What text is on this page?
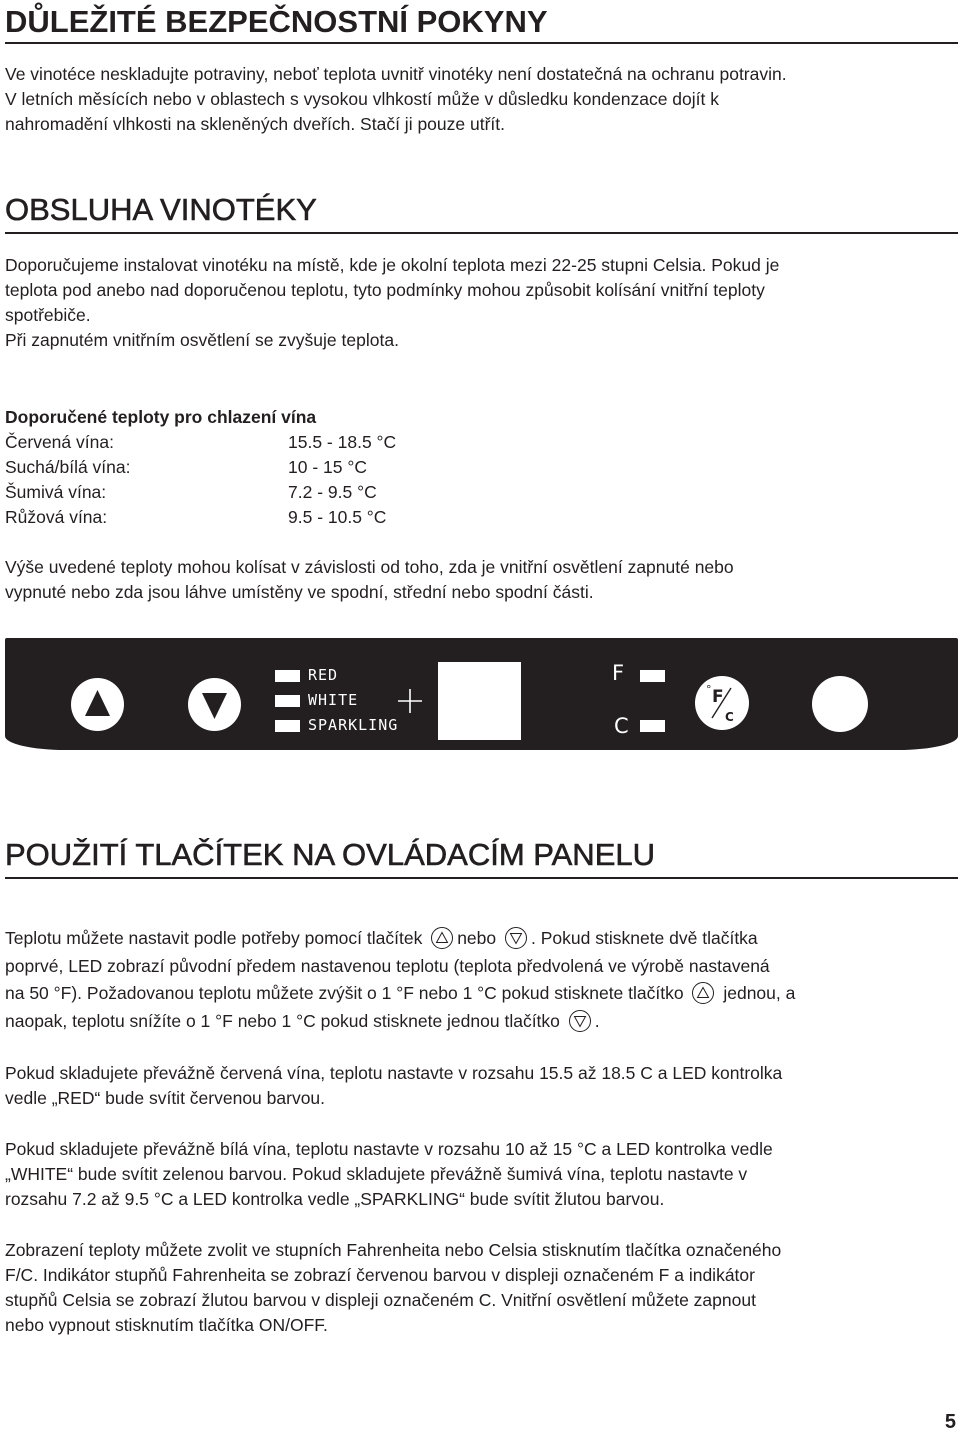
DŮLEŽITÉ BEZPEČNOSTNÍ POKYNY
Ve vinotéce neskladujte potraviny, neboť teplota uvnitř vinotéky není dostatečná na ochranu potravin.
V letních měsících nebo v oblastech s vysokou vlhkostí může v důsledku kondenzace dojít k
nahromadění vlhkosti na skleněných dveřích. Stačí ji pouze utřít.
OBSLUHA VINOTÉKY
Doporučujeme instalovat vinotéku na místě, kde je okolní teplota mezi 22-25 stupni Celsia. Pokud je
teplota pod anebo nad doporučenou teplotu, tyto podmínky mohou způsobit kolísání vnitřní teploty
spotřebiče.
Při zapnutém vnitřním osvětlení se zvyšuje teplota.
Doporučené teploty pro chlazení vína
Červená vína:	15.5 - 18.5 °C
Suchá/bílá vína:	10 - 15 °C
Šumivá vína:	7.2 - 9.5 °C
Růžová vína:	9.5 - 10.5 °C
Výše uvedené teploty mohou kolísat v závislosti od toho, zda je vnitřní osvětlení zapnuté nebo
vypnuté nebo zda jsou láhve umístěny ve spodní, střední nebo spodní části.
RED
WHITE
SPARKLING
F
C
° F
C
POUŽITÍ TLAČÍTEK NA OVLÁDACÍM PANELU
Teplotu můžete nastavit podle potřeby pomocí tlačítek nebo . Pokud stisknete dvě tlačítka
poprvé, LED zobrazí původní předem nastavenou teplotu (teplota předvolená ve výrobě nastavená
na 50 °F). Požadovanou teplotu můžete zvýšit o 1 °F nebo 1 °C pokud stisknete tlačítko jednou, a
naopak, teplotu snížíte o 1 °F nebo 1 °C pokud stisknete jednou tlačítko .
Pokud skladujete převážně červená vína, teplotu nastavte v rozsahu 15.5 až 18.5 C a LED kontrolka
vedle „RED“ bude svítit červenou barvou.
Pokud skladujete převážně bílá vína, teplotu nastavte v rozsahu 10 až 15 °C a LED kontrolka vedle
„WHITE“ bude svítit zelenou barvou. Pokud skladujete převážně šumivá vína, teplotu nastavte v
rozsahu 7.2 až 9.5 °C a LED kontrolka vedle „SPARKLING“ bude svítit žlutou barvou.
Zobrazení teploty můžete zvolit ve stupních Fahrenheita nebo Celsia stisknutím tlačítka označeného
F/C. Indikátor stupňů Fahrenheita se zobrazí červenou barvou v displeji označeném F a indikátor
stupňů Celsia se zobrazí žlutou barvou v displeji označeném C. Vnitřní osvětlení můžete zapnout
nebo vypnout stisknutím tlačítka ON/OFF.
5
